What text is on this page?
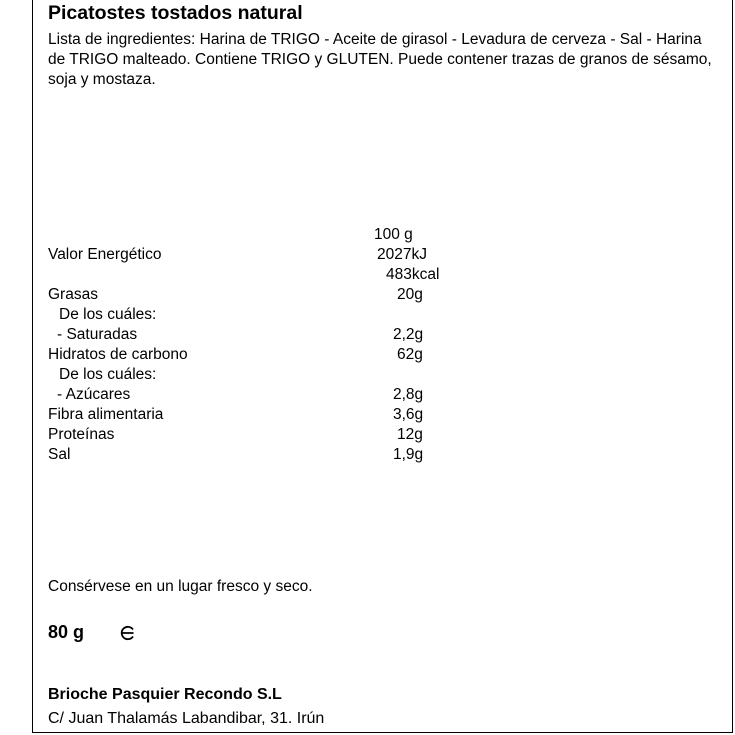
Picatostes tostados natural
Lista de ingredientes: Harina de TRIGO - Aceite de girasol - Levadura de cerveza - Sal - Harina de TRIGO malteado. Contiene TRIGO y GLUTEN. Puede contener trazas de granos de sésamo, soja y mostaza.
100 g
Valor Energético	2027kJ
483kcal
Grasas	20g
De los cuáles:
- Saturadas	2,2g
Hidratos de carbono	62g
De los cuáles:
- Azúcares	2,8g
Fibra alimentaria	3,6g
Proteínas	12g
Sal	1,9g
Consérvese en un lugar fresco y seco.
80 g
Brioche Pasquier Recondo S.L
C/ Juan Thalamás Labandibar, 31. Irún
